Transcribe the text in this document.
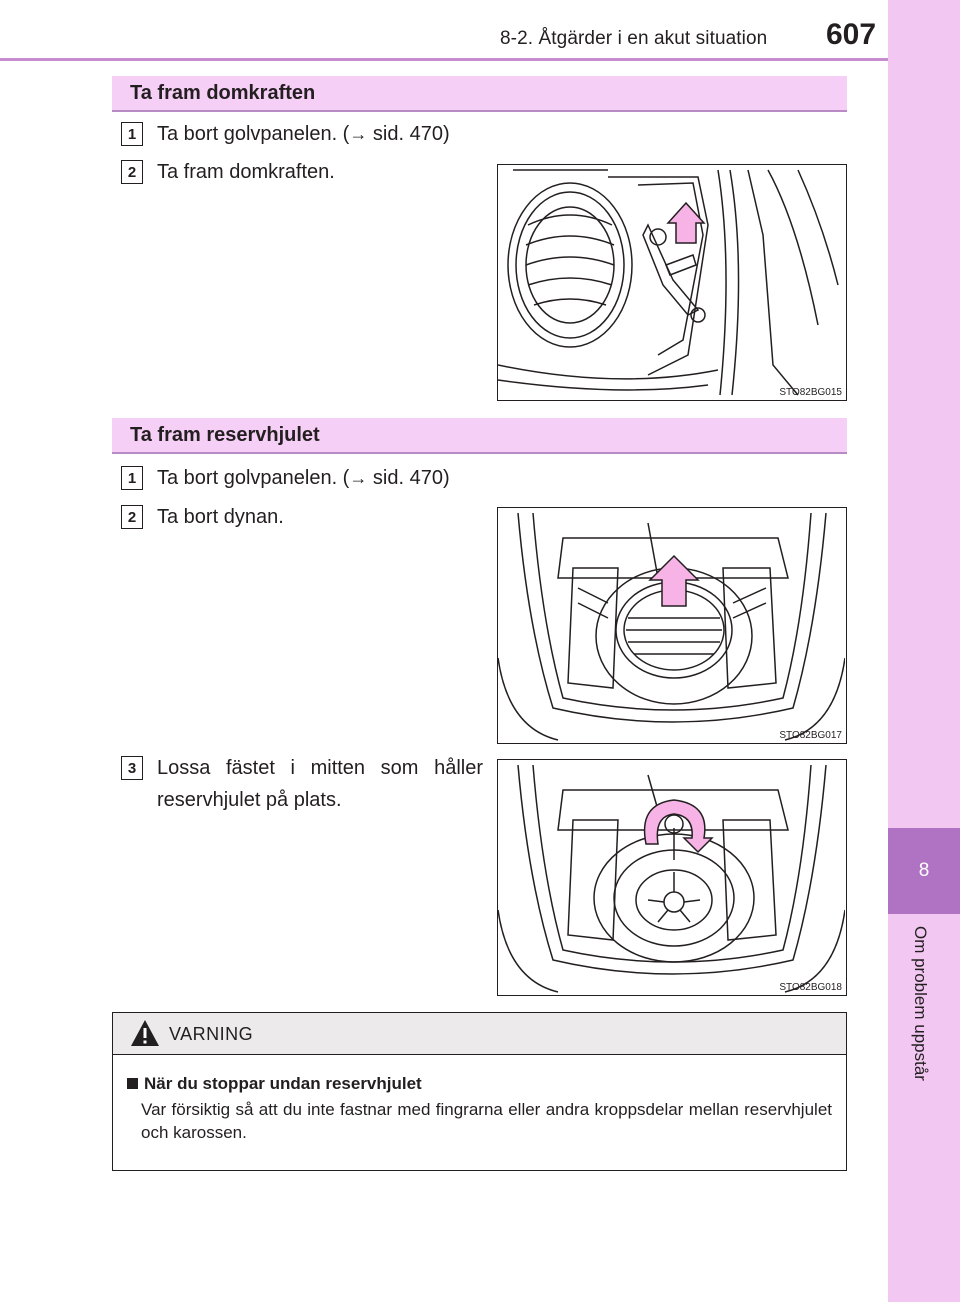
8-2. Åtgärder i en akut situation 607
8
Om problem uppstår
Ta fram domkraften
1	Ta bort golvpanelen. (→ sid. 470)
2	Ta fram domkraften.
STO82BG015
Ta fram reservhjulet
1	Ta bort golvpanelen. (→ sid. 470)
2	Ta bort dynan.
STO82BG017
3	Lossa fästet i mitten som håller
reservhjulet på plats.
STO82BG018
VARNING
När du stoppar undan reservhjulet

Var försiktig så att du inte fastnar med fingrarna eller andra kroppsdelar mellan reservhjulet och karossen.
